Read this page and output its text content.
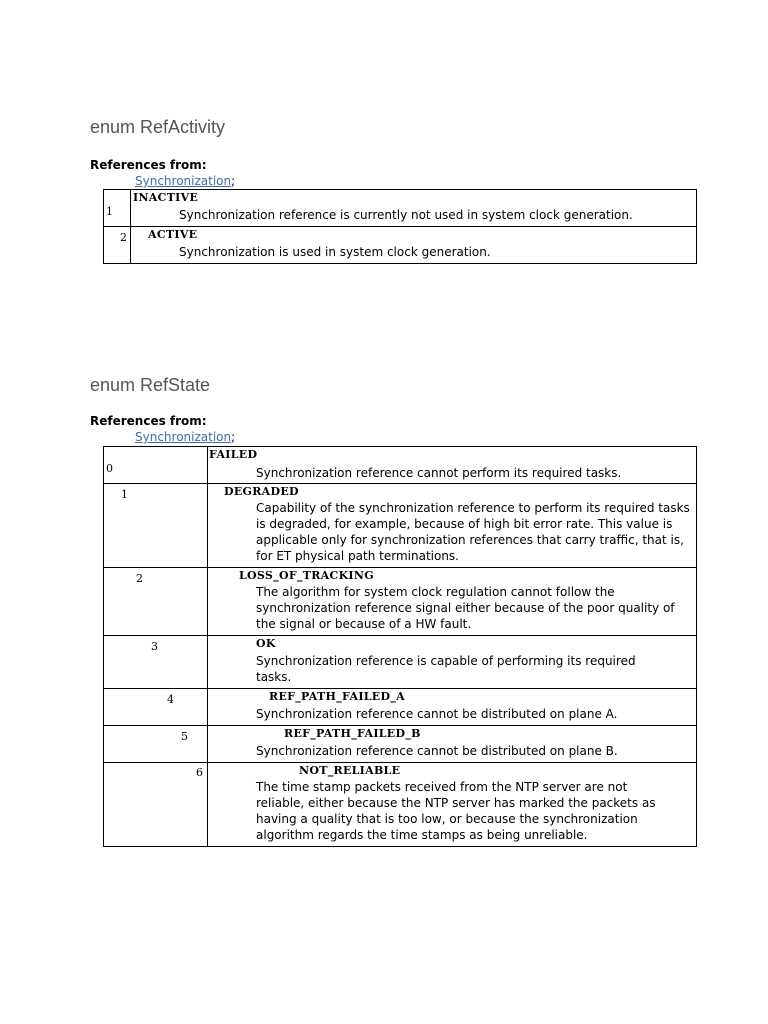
enum RefActivity
References from:
Synchronization;
1	INACTIVE
Synchronization reference is currently not used in system clock generation.

2	ACTIVE
Synchronization is used in system clock generation.
enum RefState
References from:
Synchronization;
0	FAILED
Synchronization reference cannot perform its required tasks.

1	DEGRADED
Capability of the synchronization reference to perform its required tasks is degraded, for example, because of high bit error rate. This value is applicable only for synchronization references that carry traffic, that is, for ET physical path terminations.

2	LOSS_OF_TRACKING
The algorithm for system clock regulation cannot follow the synchronization reference signal either because of the poor quality of the signal or because of a HW fault.

3	OK
Synchronization reference is capable of performing its required tasks.

4	REF_PATH_FAILED_A
Synchronization reference cannot be distributed on plane A.

5	REF_PATH_FAILED_B
Synchronization reference cannot be distributed on plane B.

6	NOT_RELIABLE
The time stamp packets received from the NTP server are not reliable, either because the NTP server has marked the packets as having a quality that is too low, or because the synchronization algorithm regards the time stamps as being unreliable.
